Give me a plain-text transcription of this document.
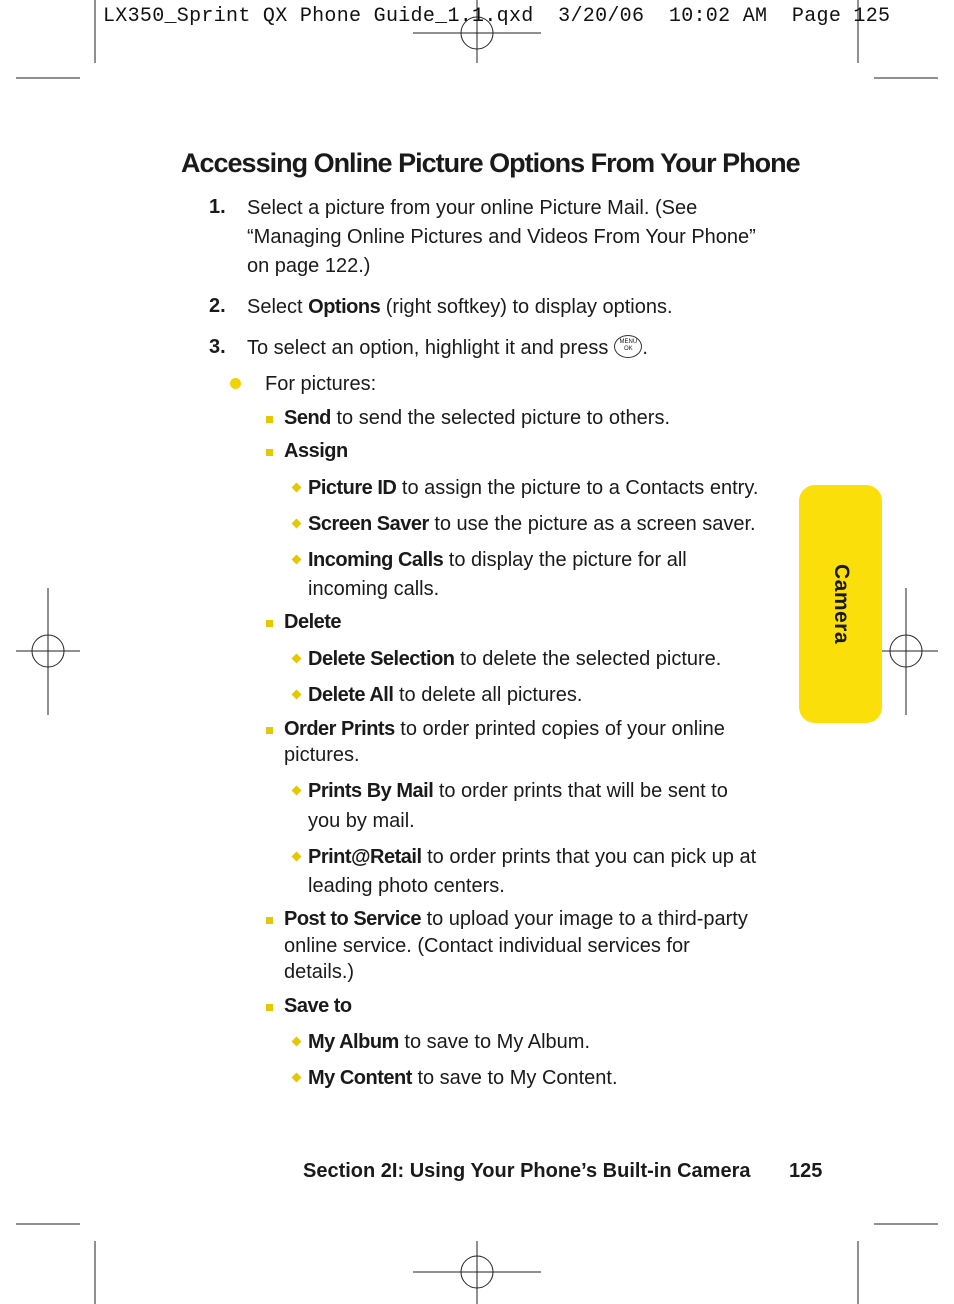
LX350_Sprint QX Phone Guide_1.1.qxd  3/20/06  10:02 AM  Page 125
Accessing Online Picture Options From Your Phone
1. Select a picture from your online Picture Mail. (See
“Managing Online Pictures and Videos From Your Phone”
on page 122.)
2. Select Options (right softkey) to display options.
3. To select an option, highlight it and press	MENU
OK .
For pictures:
Send to send the selected picture to others.
Assign
Picture ID to assign the picture to a Contacts entry.
Screen Saver to use the picture as a screen saver.
Incoming Calls to display the picture for all
incoming calls.
Delete
Delete Selection to delete the selected picture.
Delete All to delete all pictures.
Order Prints to order printed copies of your online
pictures.
Prints By Mail to order prints that will be sent to
you by mail.
Print@Retail to order prints that you can pick up at
leading photo centers.
Post to Service to upload your image to a third-party
online service. (Contact individual services for
details.)
Save to
My Album to save to My Album.
My Content to save to My Content.
Camera
Section 2I: Using Your Phone’s Built-in Camera 125
